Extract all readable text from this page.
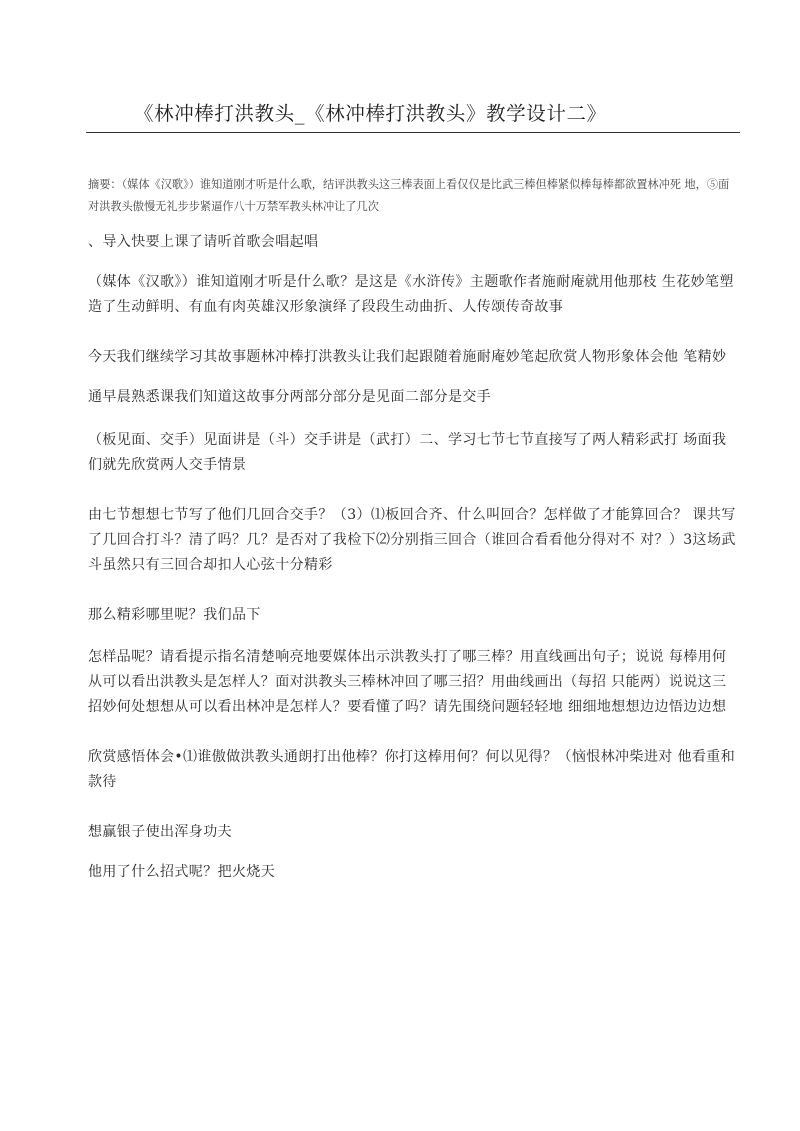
《林冲棒打洪教头_《林冲棒打洪教头》教学设计二》

摘要：（媒体《汉歌》）谁知道刚才听是什么歌，结评洪教头这三棒表面上看仅仅是比武三棒但棒紧似棒每棒都欲置林冲死 地，⑤面对洪教头傲慢无礼步步紧逼作八十万禁军教头林冲让了几次

、导入快要上课了请听首歌会唱起唱

（媒体《汉歌》）谁知道刚才听是什么歌？是这是《水浒传》主题歌作者施耐庵就用他那枝 生花妙笔塑造了生动鲜明、有血有肉英雄汉形象演绎了段段生动曲折、人传颂传奇故事

今天我们继续学习其故事题林冲棒打洪教头让我们起跟随着施耐庵妙笔起欣赏人物形象体会他 笔精妙

通早晨熟悉课我们知道这故事分两部分部分是见面二部分是交手

（板见面、交手）见面讲是（斗）交手讲是（武打）二、学习七节七节直接写了两人精彩武打 场面我们就先欣赏两人交手情景

由七节想想七节写了他们几回合交手？（3）⑴板回合齐、什么叫回合？怎样做了才能算回合？ 课共写了几回合打斗？清了吗？几？是否对了我检下⑵分别指三回合（谁回合看看他分得对不 对？）3这场武斗虽然只有三回合却扣人心弦十分精彩

那么精彩哪里呢？我们品下

怎样品呢？请看提示指名清楚响亮地要媒体出示洪教头打了哪三棒？用直线画出句子；说说 每棒用何从可以看出洪教头是怎样人？面对洪教头三棒林冲回了哪三招？用曲线画出（每招 只能两）说说这三招妙何处想想从可以看出林冲是怎样人？要看懂了吗？请先围绕问题轻轻地 细细地想想边边悟边边想

欣赏感悟体会•⑴谁傲做洪教头通朗打出他棒？你打这棒用何？何以见得？（恼恨林冲柴进对 他看重和款待

想赢银子使出浑身功夫

他用了什么招式呢？把火烧天
